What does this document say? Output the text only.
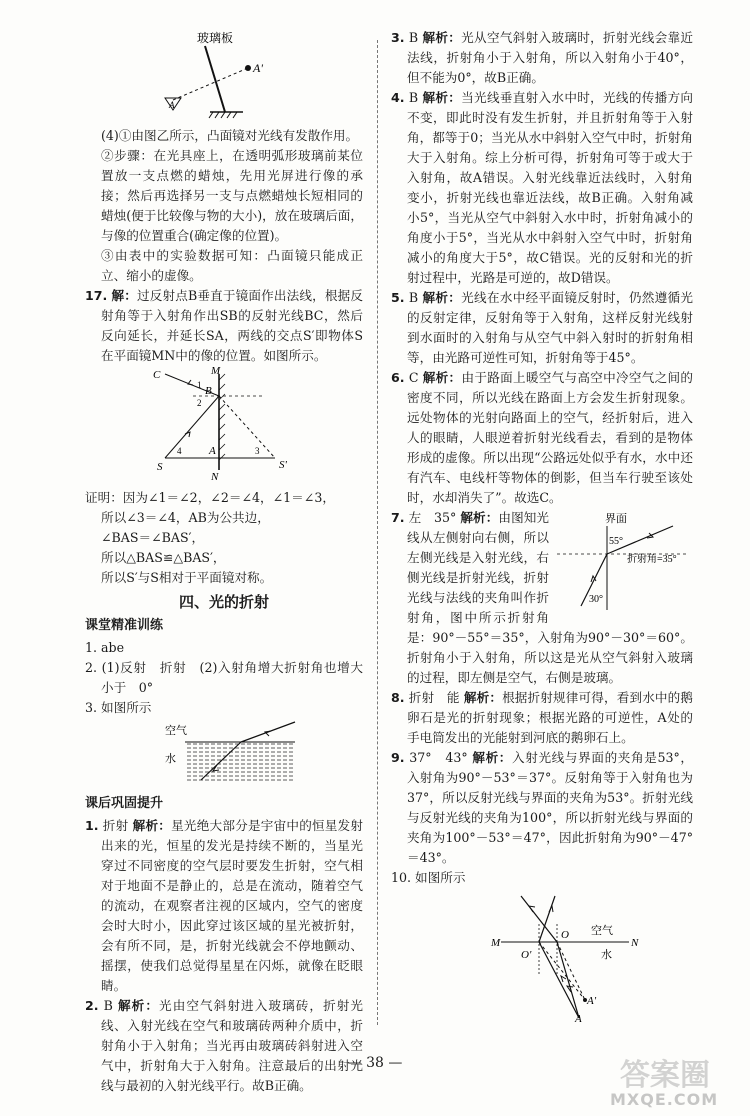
玻璃板
A'
A

(4)①由图乙所示，凸面镜对光线有发散作用。

②步骤：在光具座上，在透明弧形玻璃前某位置放一支点燃的蜡烛，先用光屏进行像的承接；然后再选择另一支与点燃蜡烛长短相同的蜡烛(便于比较像与物的大小)，放在玻璃后面，与像的位置重合(确定像的位置)。

③由表中的实验数据可知：凸面镜只能成正立、缩小的虚像。

17. 解：过反射点B垂直于镜面作出法线，根据反射角等于入射角作出SB的反射光线BC，然后反向延长，并延长SA，两线的交点S′即物体S在平面镜MN中的像的位置。如图所示。

M
N
C
B
1
2
A
S
4	3
S'

证明：因为∠1＝∠2，∠2＝∠4，∠1＝∠3，

所以∠3＝∠4，AB为公共边，

∠BAS＝∠BAS′，

所以△BAS≌△BAS′，

所以S′与S相对于平面镜对称。

四、光的折射
课堂精准训练

1. abe

2. (1)反射　折射　(2)入射角增大折射角也增大　小于　0°

3. 如图所示

空气
水
课后巩固提升

1. 折射 解析：星光绝大部分是宇宙中的恒星发射出来的光，恒星的发光是持续不断的，当星光穿过不同密度的空气层时要发生折射，空气相对于地面不是静止的，总是在流动，随着空气的流动，在观察者注视的区域内，空气的密度会时大时小，因此穿过该区域的星光被折射，会有所不同，是，折射光线就会不停地颤动、摇摆，使我们总觉得星星在闪烁，就像在眨眼睛。

2. B 解析：光由空气斜射进入玻璃砖，折射光线、入射光线在空气和玻璃砖两种介质中，折射角小于入射角；当光再由玻璃砖斜射进入空气中，折射角大于入射角。注意最后的出射光线与最初的入射光线平行。故B正确。

3. B 解析：光从空气斜射入玻璃时，折射光线会靠近法线，折射角小于入射角，所以入射角小于40°，但不能为0°，故B正确。

4. B 解析：当光线垂直射入水中时，光线的传播方向不变，即此时没有发生折射，并且折射角等于入射角，都等于0；当光从水中斜射入空气中时，折射角大于入射角。综上分析可得，折射角可等于或大于入射角，故A错误。入射光线靠近法线时，入射角变小，折射光线也靠近法线，故B正确。入射角减小5°，当光从空气中斜射入水中时，折射角减小的角度小于5°，当光从水中斜射入空气中时，折射角减小的角度大于5°，故C错误。光的反射和光的折射过程中，光路是可逆的，故D错误。

5. B 解析：光线在水中经平面镜反射时，仍然遵循光的反射定律，反射角等于入射角，这样反射光线射到水面时的入射角与从空气中斜入射时的折射角相等，由光路可逆性可知，折射角等于45°。

6. C 解析：由于路面上暖空气与高空中冷空气之间的密度不同，所以光线在路面上方会发生折射现象。远处物体的光射向路面上的空气，经折射后，进入人的眼睛，人眼逆着折射光线看去，看到的是物体形成的虚像。所以出现“公路远处似乎有水，水中还有汽车、电线杆等物体的倒影，但当车行驶至该处时，水却消失了”。故选C。

界面
55°
折射角=35°
30°

7. 左　35° 解析：由图知光线从左侧射向右侧，所以左侧光线是入射光线，右侧光线是折射光线，折射光线与法线的夹角叫作折射角，图中所示折射角是：90°－55°＝35°，入射角为90°－30°＝60°。折射角小于入射角，所以这是光从空气斜射入玻璃的过程，即左侧是空气，右侧是玻璃。

8. 折射　能 解析：根据折射规律可得，看到水中的鹅卵石是光的折射现象；根据光路的可逆性，A处的手电筒发出的光能射到河底的鹅卵石上。

9. 37°　43° 解析：入射光线与界面的夹角是53°，入射角为90°－53°＝37°。反射角等于入射角也为37°，所以反射光线与界面的夹角为53°。折射光线与反射光线的夹角为100°，所以折射光线与界面的夹角为100°－53°＝47°，因此折射角为90°－47°＝43°。

10. 如图所示

M	N
空气
水
O
O'
A'
A
— 38 —	答案圈
MXQE.COM
